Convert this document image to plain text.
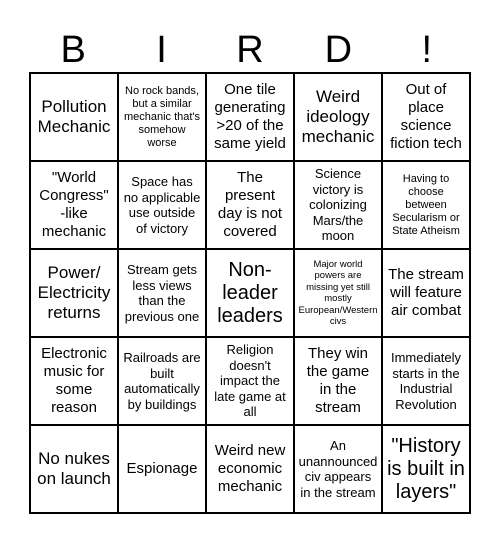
B	I	R	D	!
Pollution Mechanic
No rock bands, but a similar mechanic that's somehow worse
One tile generating >20 of the same yield
Weird ideology mechanic
Out of place science fiction tech
"World Congress" -like mechanic
Space has no applicable use outside of victory
The present day is not covered
Science victory is colonizing Mars/the moon
Having to choose between Secularism or State Atheism
Power/ Electricity returns
Stream gets less views than the previous one
Non-leader leaders
Major world powers are missing yet still mostly European/Western civs
The stream will feature air combat
Electronic music for some reason
Railroads are built automatically by buildings
Religion doesn't impact the late game at all
They win the game in the stream
Immediately starts in the Industrial Revolution
No nukes on launch
Espionage
Weird new economic mechanic
An unannounced civ appears in the stream
"History is built in layers"
